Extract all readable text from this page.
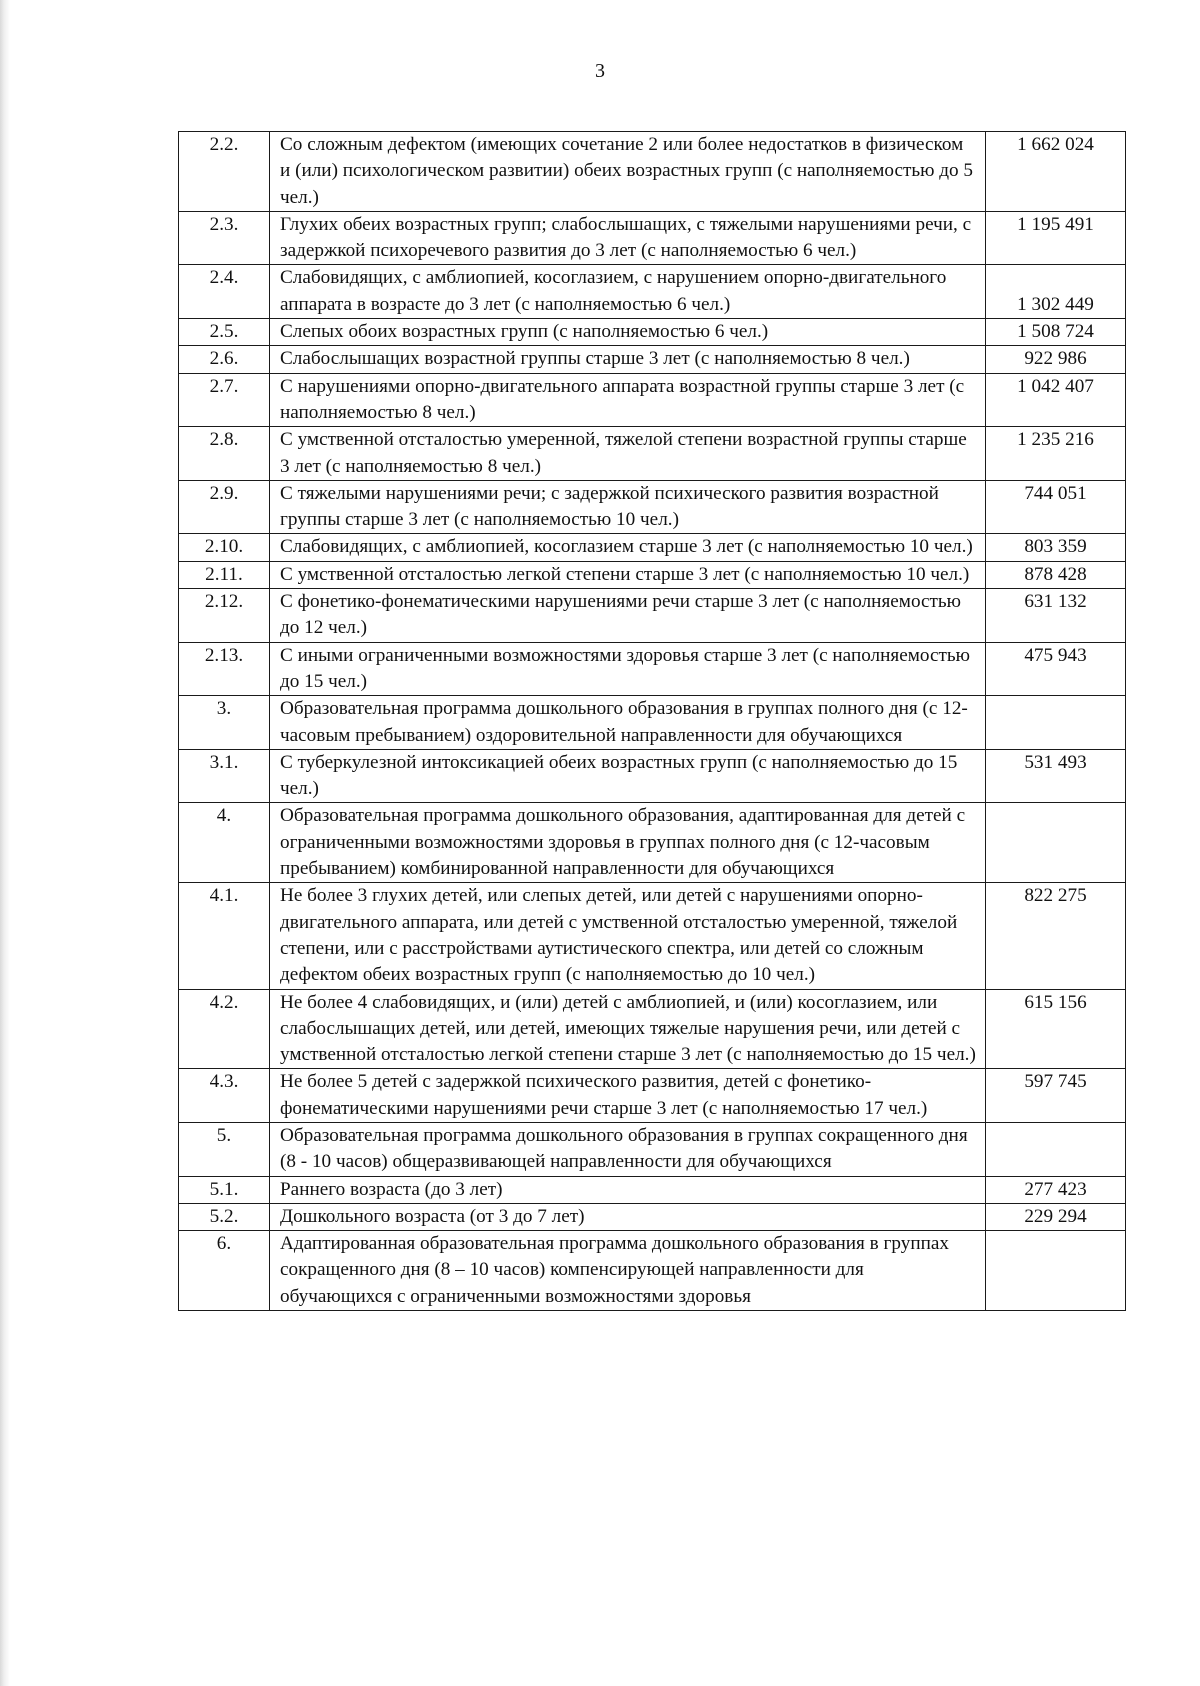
3
2.2.	Со сложным дефектом (имеющих сочетание 2 или более недостатков в физическом и (или) психологическом развитии) обеих возрастных групп (с наполняемостью до 5 чел.)	1 662 024
2.3.	Глухих обеих возрастных групп; слабослышащих, с тяжелыми нарушениями речи, с задержкой психоречевого развития до 3 лет (с наполняемостью 6 чел.)	1 195 491
2.4.	Слабовидящих, с амблиопией, косоглазием, с нарушением опорно-двигательного аппарата в возрасте до 3 лет (с наполняемостью 6 чел.)	1 302 449
2.5.	Слепых обоих возрастных групп (с наполняемостью 6 чел.)	1 508 724
2.6.	Слабослышащих возрастной группы старше 3 лет (с наполняемостью 8 чел.)	922 986
2.7.	С нарушениями опорно-двигательного аппарата возрастной группы старше 3 лет (с наполняемостью 8 чел.)	1 042 407
2.8.	С умственной отсталостью умеренной, тяжелой степени возрастной группы старше 3 лет (с наполняемостью 8 чел.)	1 235 216
2.9.	С тяжелыми нарушениями речи; с задержкой психического развития возрастной группы старше 3 лет (с наполняемостью 10 чел.)	744 051
2.10.	Слабовидящих, с амблиопией, косоглазием старше 3 лет (с наполняемостью 10 чел.)	803 359
2.11.	С умственной отсталостью легкой степени старше 3 лет (с наполняемостью 10 чел.)	878 428
2.12.	С фонетико-фонематическими нарушениями речи старше 3 лет (с наполняемостью до 12 чел.)	631 132
2.13.	С иными ограниченными возможностями здоровья старше 3 лет (с наполняемостью до 15 чел.)	475 943
3.	Образовательная программа дошкольного образования в группах полного дня (с 12-часовым пребыванием) оздоровительной направленности для обучающихся	
3.1.	С туберкулезной интоксикацией обеих возрастных групп (с наполняемостью до 15 чел.)	531 493
4.	Образовательная программа дошкольного образования, адаптированная для детей с ограниченными возможностями здоровья в группах полного дня (с 12-часовым пребыванием) комбинированной направленности для обучающихся	
4.1.	Не более 3 глухих детей, или слепых детей, или детей с нарушениями опорно-двигательного аппарата, или детей с умственной отсталостью умеренной, тяжелой степени, или с расстройствами аутистического спектра, или детей со сложным дефектом обеих возрастных групп (с наполняемостью до 10 чел.)	822 275
4.2.	Не более 4 слабовидящих, и (или) детей с амблиопией, и (или) косоглазием, или слабослышащих детей, или детей, имеющих тяжелые нарушения речи, или детей с умственной отсталостью легкой степени старше 3 лет (с наполняемостью до 15 чел.)	615 156
4.3.	Не более 5 детей с задержкой психического развития, детей с фонетико-фонематическими нарушениями речи старше 3 лет (с наполняемостью 17 чел.)	597 745
5.	Образовательная программа дошкольного образования в группах сокращенного дня (8 - 10 часов) общеразвивающей направленности для обучающихся	
5.1.	Раннего возраста (до 3 лет)	277 423
5.2.	Дошкольного возраста (от 3 до 7 лет)	229 294
6.	Адаптированная образовательная программа дошкольного образования в группах сокращенного дня (8 – 10 часов) компенсирующей направленности для обучающихся с ограниченными возможностями здоровья	
